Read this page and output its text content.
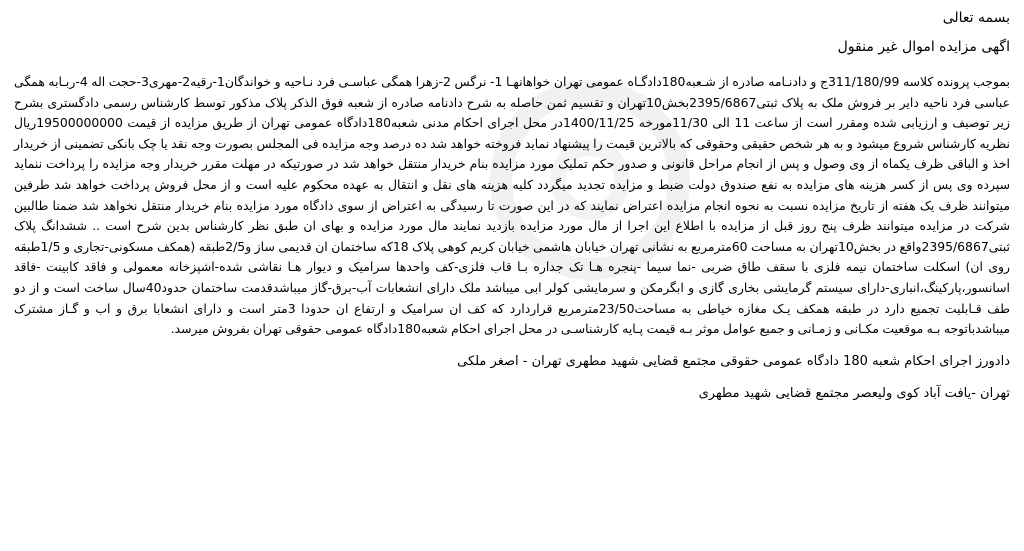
بسمه تعالی
اگهی مزایده اموال غیر منقول
بموجب پرونده کلاسه 311/180/99ج و دادنـامه صادره از شـعبه180دادگـاه عمومی تهران خواهانهـا 1- نرگس 2-زهرا همگی عباسـی فرد نـاحیه و خواندگان1-رقیه2-مهری3-حجت اله 4-ربـابه همگی عباسی فرد ناحیه دایر بر فروش ملک به پلاک ثبتی2395/6867بخش10تهران و تقسیم ثمن حاصله به شرح دادنامه صادره از شعبه فوق الذکر پلاک مذکور توسط کارشناس رسمی دادگستری بشرح زیر توصیف و ارزیابی شده ومقرر است از ساعت 11 الی 11/30مورخه 1400/11/25در محل اجرای احکام مدنی شعبه180دادگاه عمومی تهران از طریق مزایده از قیمت 19500000000ریال نظریه کارشناس شروع میشود و به هر شخص حقیقی وحقوقی که بالاترین قیمت را پیشنهاد نماید فروخته خواهد شد ده درصد وجه مزایده فی المجلس بصورت وجه نقد یا چک بانکی تضمینی از خریدار اخذ و الباقی ظرف یکماه از وی وصول و پس از انجام مراحل قانونی و صدور حکم تملیک مورد مزایده بنام خریدار منتقل خواهد شد در صورتیکه در مهلت مقرر خریدار وجه مزایده را پرداخت ننماید سپرده وی پس از کسر هزینه های مزایده به نفع صندوق دولت ضبط و مزایده تجدید میگردد کلیه هزینه های نقل و انتقال به عهده محکوم علیه است و از محل فروش پرداخت خواهد شد طرفین میتوانند ظرف یک هفته از تاریخ مزایده نسبت به نحوه انجام مزایده اعتراض نمایند که در این صورت تا رسیدگی به اعتراض از سوی دادگاه مورد مزایده بنام خریدار منتقل نخواهد شد ضمنا طالبین شرکت در مزایده میتوانند ظرف پنج روز قبل از مزایده با اطلاع این اجرا از مال مورد مزایده بازدید نمایند مال مورد مزایده و بهای ان طبق نظر کارشناس بدین شرح است .. ششدانگ پلاک ثبتی2395/6867واقع در بخش10تهران به مساحت 60مترمربع به نشانی تهران خیابان هاشمی خیابان کریم کوهی پلاک 18که ساختمان ان قدیمی ساز و2/5طبقه (همکف مسکونی-تجاری و 1/5طبقه روی ان) اسکلت ساختمان نیمه فلزی با سقف طاق ضربی -نما سیما -پنجره هـا تک جداره بـا قاب فلزی-کف واحدها سرامیک و دیوار هـا نقاشی شده-اشپزخانه معمولی و فاقد کابینت -فاقد اسانسور،پارکینگ،انباری-دارای سیستم گرمایشی بخاری گازی و ابگرمکن و سرمایشی کولر ابی میباشد ملک دارای انشعابات آب-برق-گاز میباشدقدمت ساختمان حدود40سال ساخت است و از دو طف قـابلیت تجمیع دارد در طبقه همکف یـک مغازه خیاطی به مساحت23/50مترمربع قراردارد که کف ان سرامیک و ارتفاع ان حدودا 3متر است و دارای انشعابا برق و اب و گـاز مشترک میباشدباتوجه بـه موقعیت مکـانی و زمـانی و جمیع عوامل موثر بـه قیمت پـایه کارشناسـی در محل اجرای احکام شعبه180دادگاه عمومی حقوقی تهران بفروش میرسد.
دادورز اجرای احکام شعبه 180 دادگاه عمومی حقوقی مجتمع قضایی شهید مطهری تهران - اصغر ملکی
تهران -یافت آباد کوی ولیعصر مجتمع قضایی شهید مطهری
